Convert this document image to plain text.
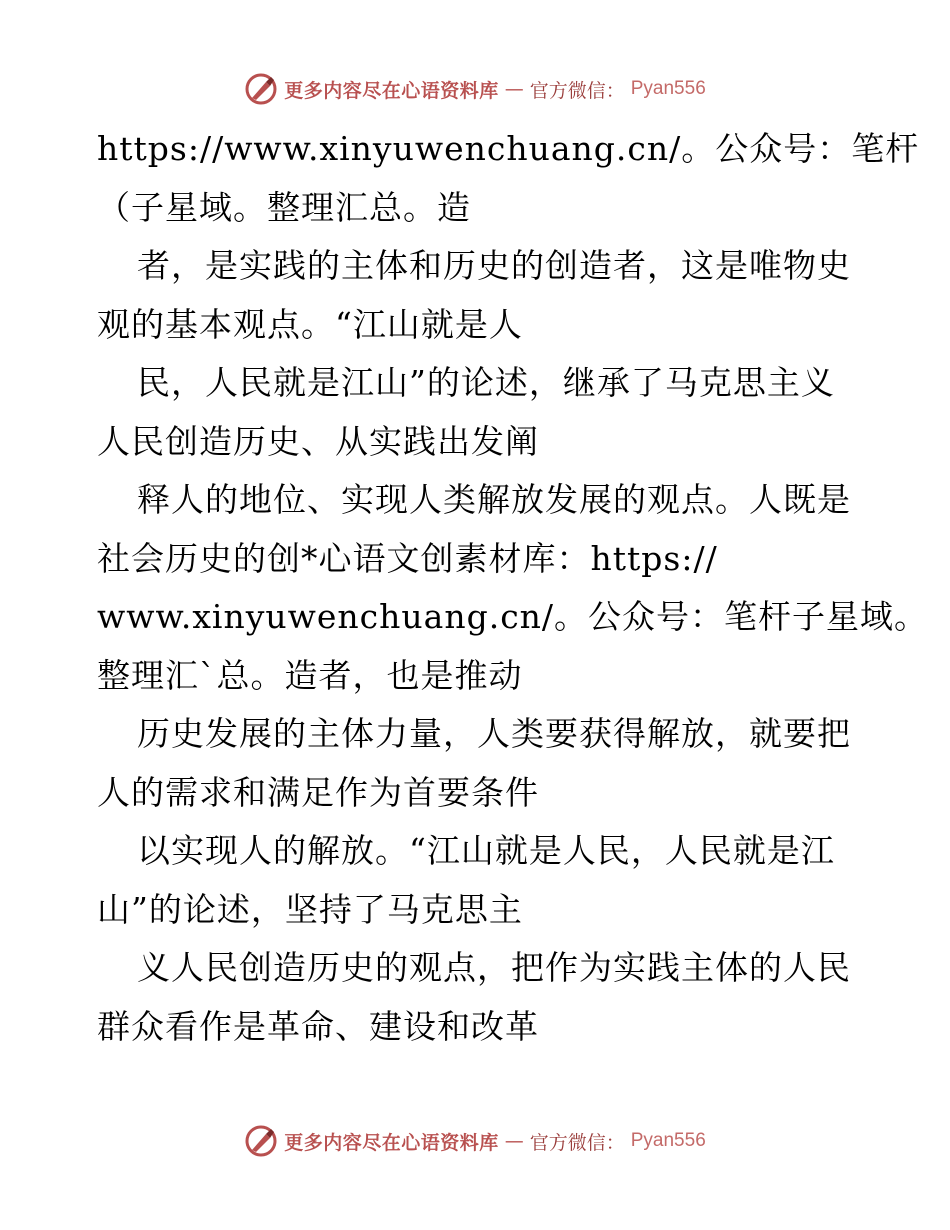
更多内容尽在心语资料库 — 官方微信： Pyan556
https://www.xinyuwenchuang.cn/。公众号：笔杆
（子星域。整理汇总。造
者，是实践的主体和历史的创造者，这是唯物史
观的基本观点。“江山就是人
民，人民就是江山”的论述，继承了马克思主义
人民创造历史、从实践出发阐
释人的地位、实现人类解放发展的观点。人既是
社会历史的创*心语文创素材库：https://
www.xinyuwenchuang.cn/。公众号：笔杆子星域。
整理汇`总。造者，也是推动
历史发展的主体力量，人类要获得解放，就要把
人的需求和满足作为首要条件
以实现人的解放。“江山就是人民，人民就是江
山”的论述，坚持了马克思主
义人民创造历史的观点，把作为实践主体的人民
群众看作是革命、建设和改革
更多内容尽在心语资料库 — 官方微信： Pyan556
